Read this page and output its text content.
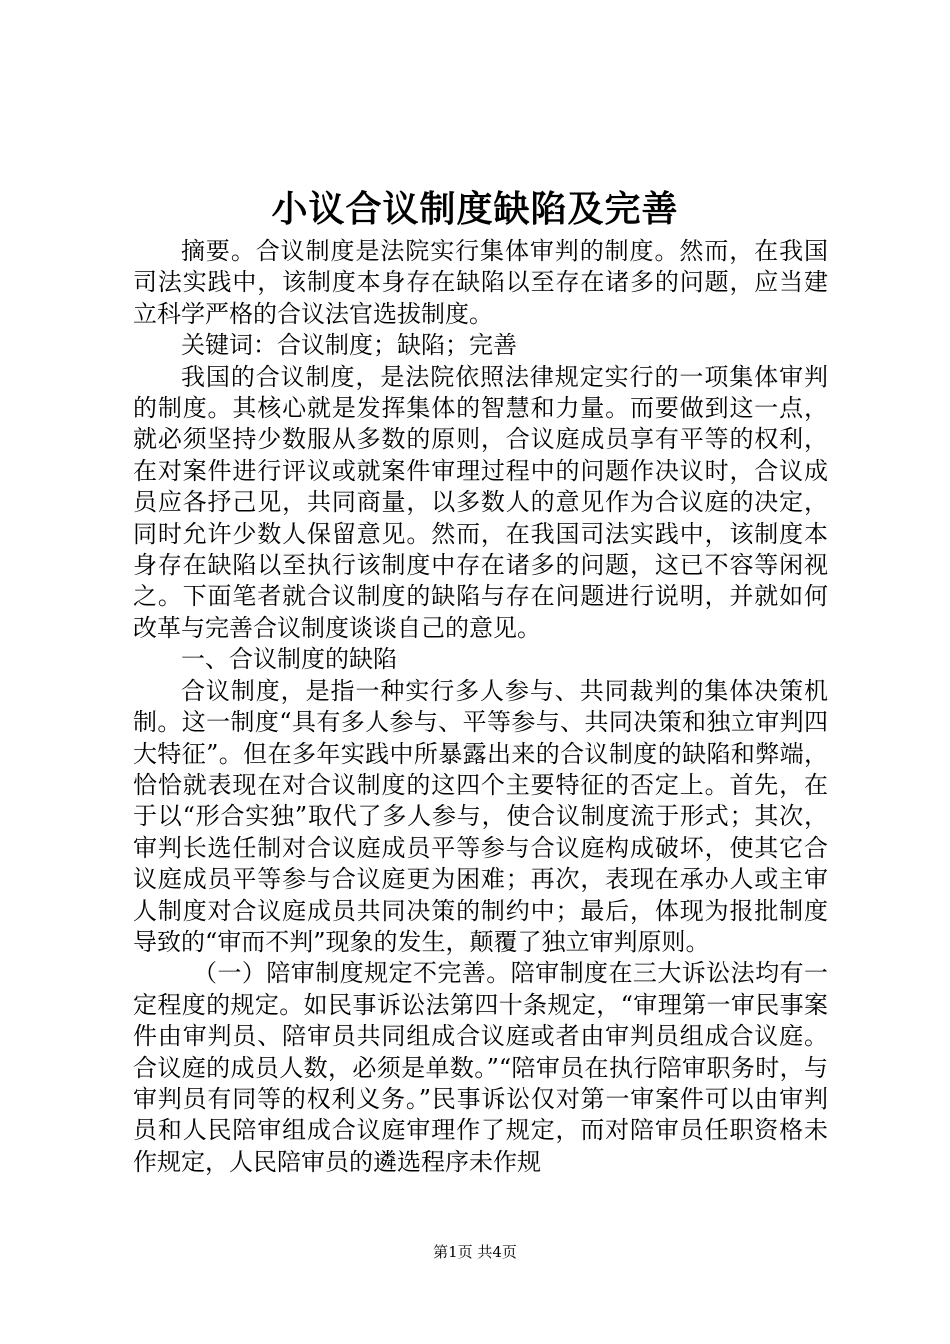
小议合议制度缺陷及完善

摘要。合议制度是法院实行集体审判的制度。然而，在我国司法实践中，该制度本身存在缺陷以至存在诸多的问题，应当建立科学严格的合议法官选拔制度。

关键词：合议制度；缺陷；完善

我国的合议制度，是法院依照法律规定实行的一项集体审判的制度。其核心就是发挥集体的智慧和力量。而要做到这一点，就必须坚持少数服从多数的原则，合议庭成员享有平等的权利，在对案件进行评议或就案件审理过程中的问题作决议时，合议成员应各抒己见，共同商量，以多数人的意见作为合议庭的决定，同时允许少数人保留意见。然而，在我国司法实践中，该制度本身存在缺陷以至执行该制度中存在诸多的问题，这已不容等闲视之。下面笔者就合议制度的缺陷与存在问题进行说明，并就如何改革与完善合议制度谈谈自己的意见。

一、合议制度的缺陷

合议制度，是指一种实行多人参与、共同裁判的集体决策机制。这一制度“具有多人参与、平等参与、共同决策和独立审判四大特征”。但在多年实践中所暴露出来的合议制度的缺陷和弊端，恰恰就表现在对合议制度的这四个主要特征的否定上。首先，在于以“形合实独”取代了多人参与，使合议制度流于形式；其次，审判长选任制对合议庭成员平等参与合议庭构成破坏，使其它合议庭成员平等参与合议庭更为困难；再次，表现在承办人或主审人制度对合议庭成员共同决策的制约中；最后，体现为报批制度导致的“审而不判”现象的发生，颠覆了独立审判原则。

（一）陪审制度规定不完善。陪审制度在三大诉讼法均有一定程度的规定。如民事诉讼法第四十条规定，“审理第一审民事案件由审判员、陪审员共同组成合议庭或者由审判员组成合议庭。合议庭的成员人数，必须是单数。”“陪审员在执行陪审职务时，与审判员有同等的权利义务。”民事诉讼仅对第一审案件可以由审判员和人民陪审组成合议庭审理作了规定，而对陪审员任职资格未作规定，人民陪审员的遴选程序未作规

第1页 共4页
